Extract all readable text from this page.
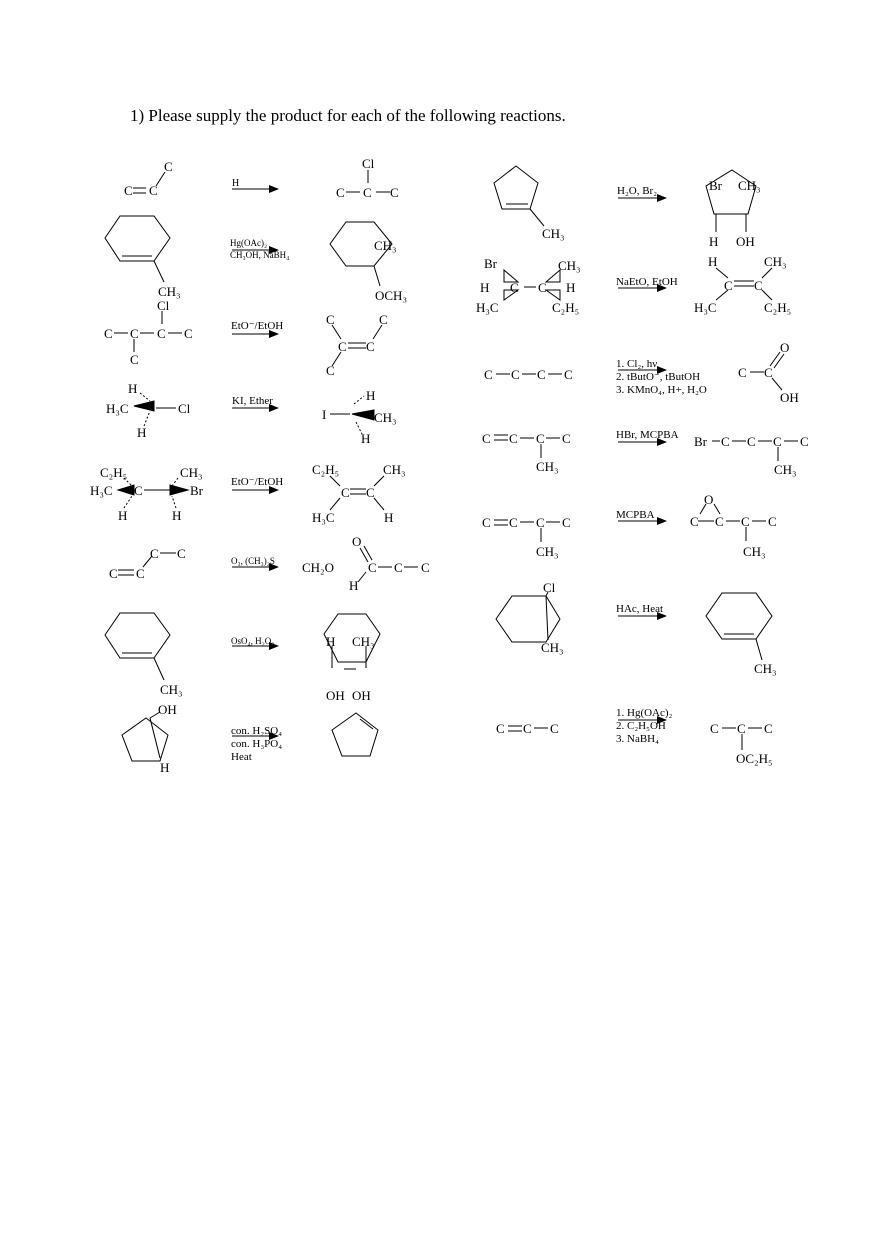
1) Please supply the product for each of the following reactions.
C C
C
H
Cl
C C C
CH₃
Hg(OAc)₂
CH₃OH, NaBH₄
CH₃
OCH₃
Cl
C C C C
C
EtO⁻/EtOH	C	C
C C
C
H
H₃C	Cl
H
KI, Ether	H
I	CH₃
H
C₂H₅	CH₃
H₃C C	Br
H	H
EtO⁻/EtOH
C₂H₅	CH₃
C C
H₃C	H
C C
C C	O₃, (CH₃)₂S CH₂O
O
C C C
H
CH₃
OsO₄, H₂O₂	H CH₃
OH OH
OH
H
con. H₂SO₄
con. H₃PO₄
Heat
CH₃
H₂O, Br₂	Br CH₃
H OH
Br	CH₃
H C C H
H₃C	C₂H₅
NaEtO, EtOH
H	CH₃
C C
H₃C	C₂H₅
C C C C
1. Cl₂, hν
2. tButO⁻, tButOH
3. KMnO₄, H+, H₂O
C C
O
OH
C C C C
CH₃
HBr, MCPBA Br C C C C
CH₃
C C C C
CH₃
MCPBA
O
C C C C
CH₃
Cl
CH₃
HAc, Heat
CH₃
C C C
1. Hg(OAc)₂
2. C₂H₅OH
3. NaBH₄
C C C
OC₂H₅
